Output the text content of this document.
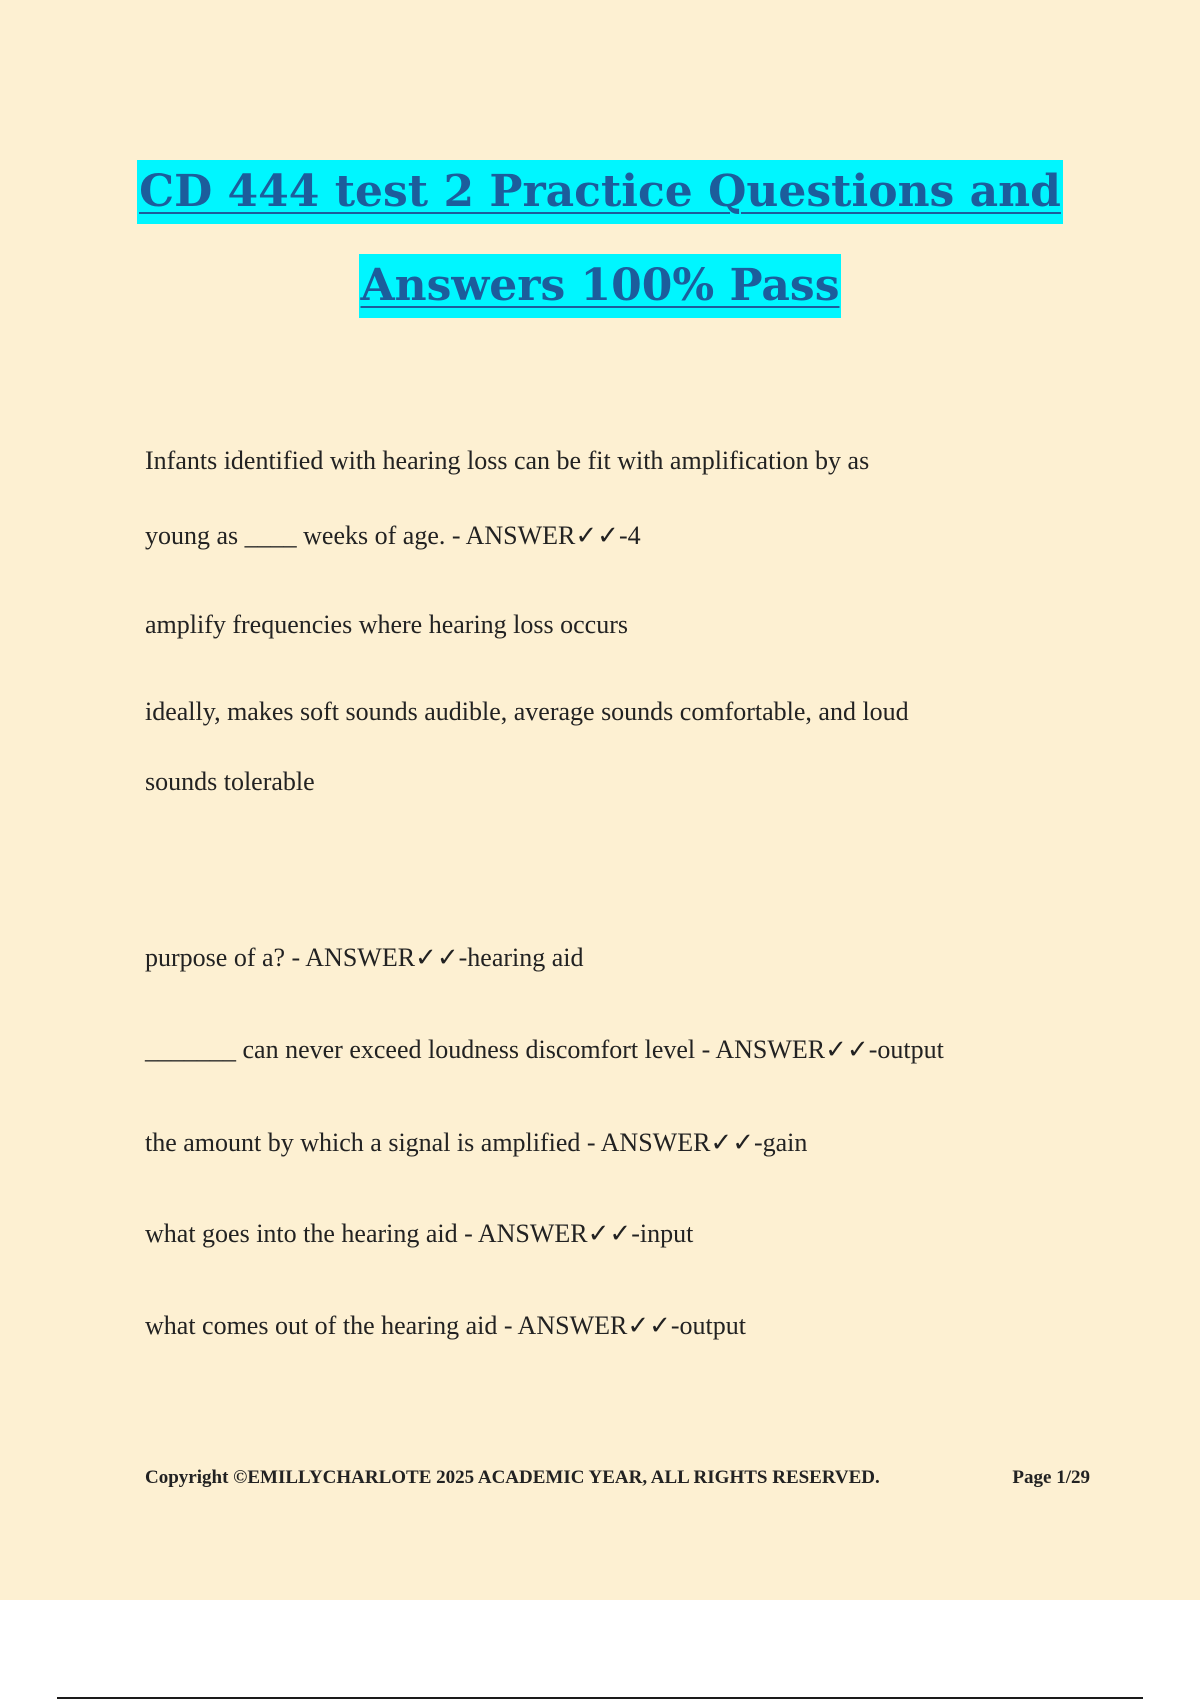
CD 444 test 2 Practice Questions and
Answers 100% Pass
Infants identified with hearing loss can be fit with amplification by as
young as ____ weeks of age. - ANSWER✓✓-4
amplify frequencies where hearing loss occurs
ideally, makes soft sounds audible, average sounds comfortable, and loud
sounds tolerable
purpose of a? - ANSWER✓✓-hearing aid
_______ can never exceed loudness discomfort level - ANSWER✓✓-output
the amount by which a signal is amplified - ANSWER✓✓-gain
what goes into the hearing aid - ANSWER✓✓-input
what comes out of the hearing aid - ANSWER✓✓-output
Copyright ©EMILLYCHARLOTE 2025 ACADEMIC YEAR, ALL RIGHTS RESERVED.	Page 1/29
